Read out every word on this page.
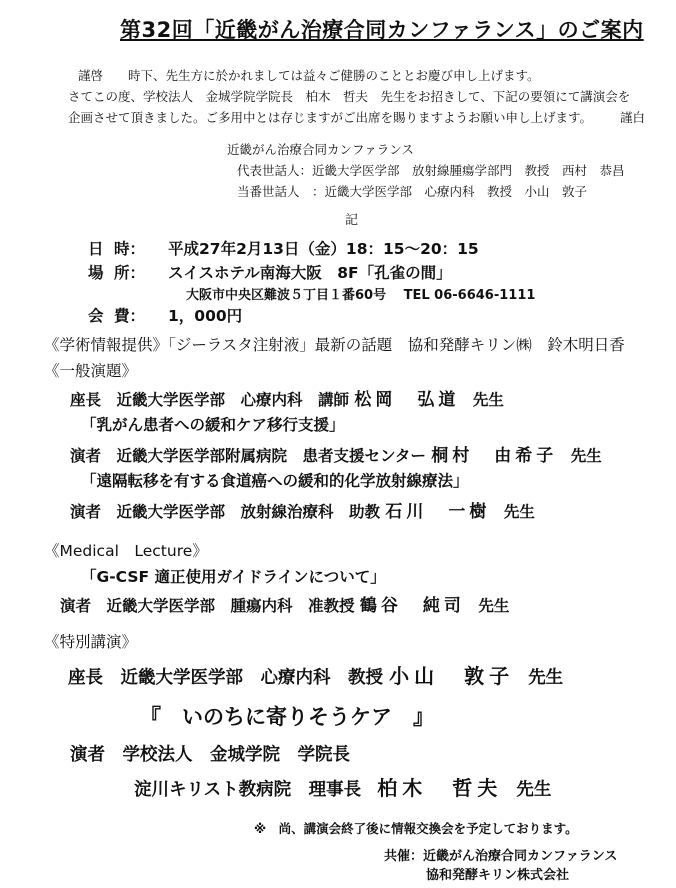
第32回「近畿がん治療合同カンファランス」のご案内
謹啓　　時下、先生方に於かれましては益々ご健勝のこととお慶び申し上げます。
さてこの度、学校法人　金城学院学院長　柏木　哲夫　先生をお招きして、下記の要領にて講演会を
企画させて頂きました。ご多用中とは存じますがご出席を賜りますようお願い申し上げます。 謹白
近畿がん治療合同カンファランス
代表世話人：近畿大学医学部　放射線腫瘍学部門　教授　西村　恭昌
当番世話人　：近畿大学医学部　心療内科　教授　小山　敦子
記
日 時： 平成27年2月13日（金）18：15～20：15
場 所： スイスホテル南海大阪　8F「孔雀の間」
大阪市中央区難波５丁目１番60号　 TEL 06-6646-1111
会 費： 1，000円
《学術情報提供》「ジーラスタ注射液」最新の話題　協和発酵キリン㈱　鈴木明日香
《一般演題》
座長　近畿大学医学部　心療内科　講師 松岡　弘道 先生
「乳がん患者への緩和ケア移行支援」
演者　近畿大学医学部附属病院　患者支援センター 桐村　由希子 先生
「遠隔転移を有する食道癌への緩和的化学放射線療法」
演者　近畿大学医学部　放射線治療科　助教 石川　一樹 先生
《Medical　Lecture》
「G-CSF 適正使用ガイドラインについて」
演者　近畿大学医学部　腫瘍内科　准教授 鶴谷　純司 先生
《特別講演》
座長　近畿大学医学部　心療内科　教授 小山　敦子 先生
『　いのちに寄りそうケア　』
演者　学校法人　金城学院　学院長
淀川キリスト教病院　理事長 柏木　哲夫 先生
※　尚、講演会終了後に情報交換会を予定しております。
共催：近畿がん治療合同カンファランス
協和発酵キリン株式会社
